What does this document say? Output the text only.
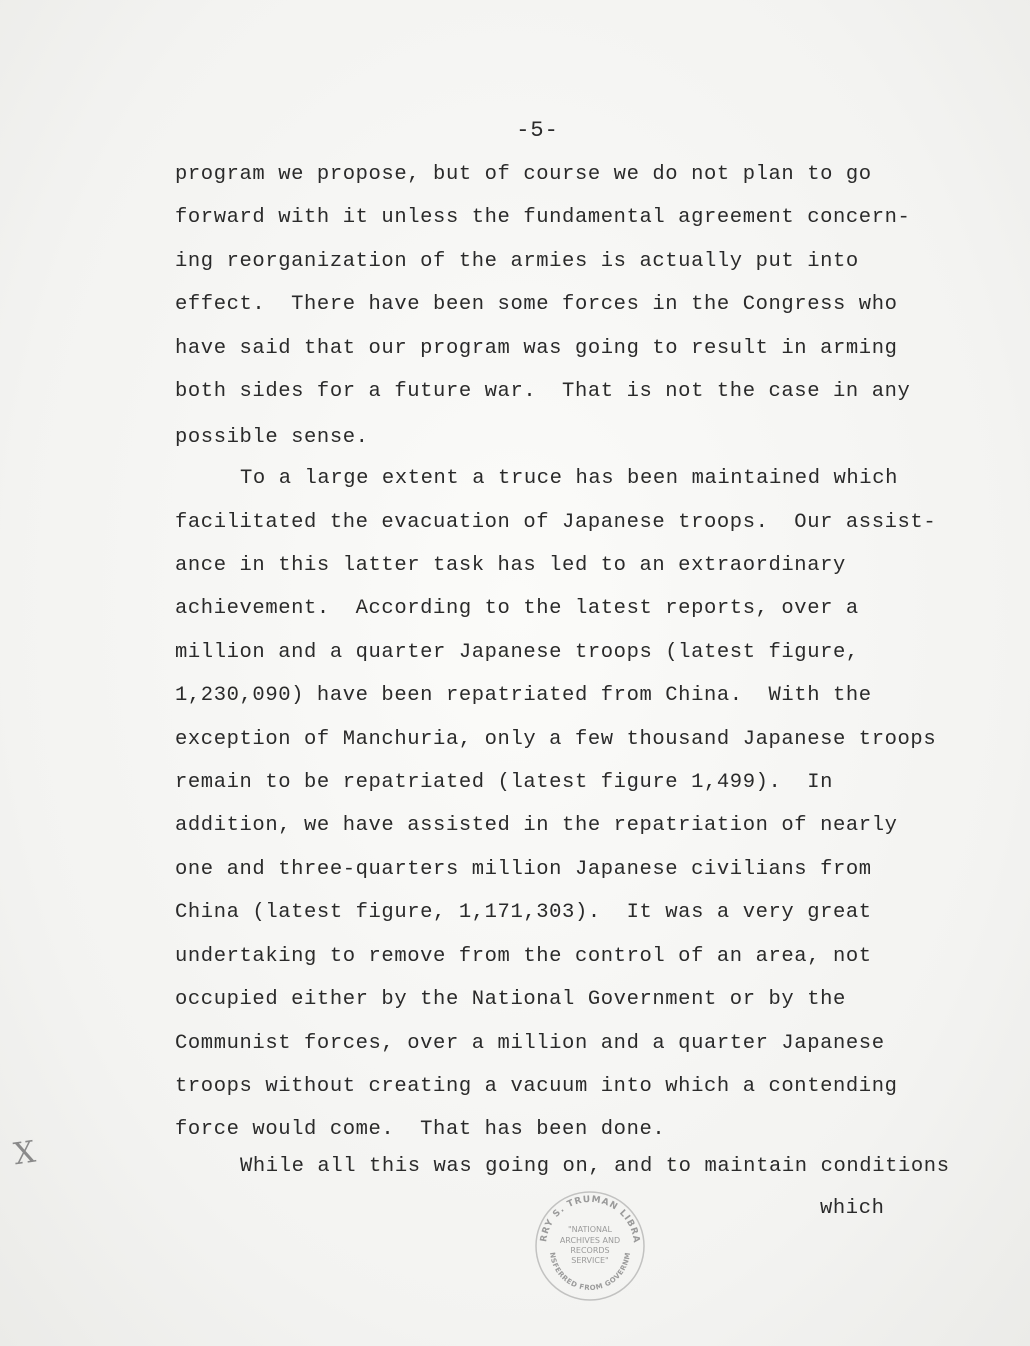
-5-
program we propose, but of course we do not plan to go
forward with it unless the fundamental agreement concern-
ing reorganization of the armies is actually put into
effect.  There have been some forces in the Congress who
have said that our program was going to result in arming
both sides for a future war.  That is not the case in any
possible sense.
To a large extent a truce has been maintained which
facilitated the evacuation of Japanese troops.  Our assist-
ance in this latter task has led to an extraordinary
achievement.  According to the latest reports, over a
million and a quarter Japanese troops (latest figure,
1,230,090) have been repatriated from China.  With the
exception of Manchuria, only a few thousand Japanese troops
remain to be repatriated (latest figure 1,499).  In
addition, we have assisted in the repatriation of nearly
one and three-quarters million Japanese civilians from
China (latest figure, 1,171,303).  It was a very great
undertaking to remove from the control of an area, not
occupied either by the National Government or by the
Communist forces, over a million and a quarter Japanese
troops without creating a vacuum into which a contending
force would come.  That has been done.
While all this was going on, and to maintain conditions
which
X
RRY S. TRUMAN LIBRA
NSFERRED FROM GOVERNM
"NATIONAL
ARCHIVES AND
RECORDS
SERVICE"
